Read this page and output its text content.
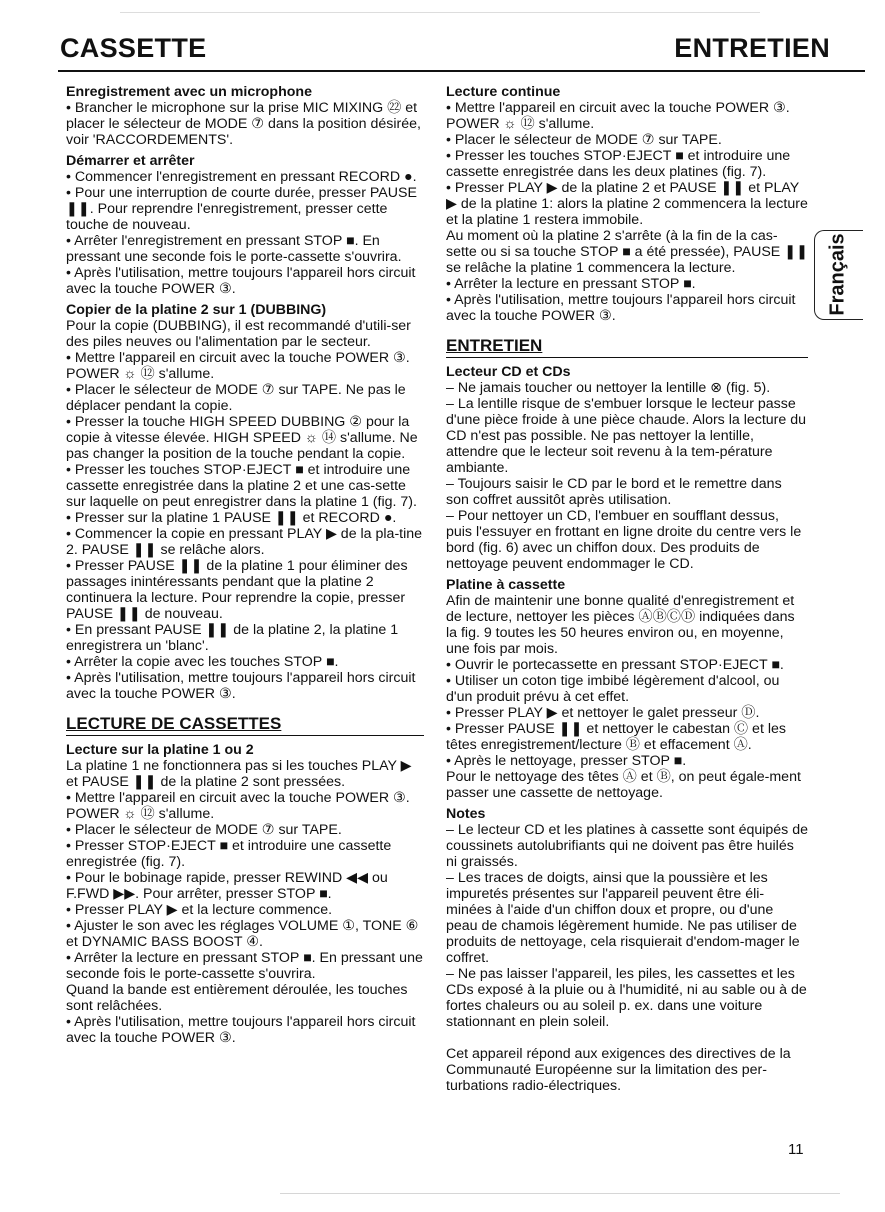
CASSETTE	ENTRETIEN
Enregistrement avec un microphone

• Brancher le microphone sur la prise MIC MIXING ㉒ et placer le sélecteur de MODE ⑦ dans la position désirée, voir 'RACCORDEMENTS'.

Démarrer et arrêter

• Commencer l'enregistrement en pressant RECORD ●.

• Pour une interruption de courte durée, presser PAUSE ❚❚. Pour reprendre l'enregistrement, presser cette touche de nouveau.

• Arrêter l'enregistrement en pressant STOP ■. En pressant une seconde fois le porte-cassette s'ouvrira.

• Après l'utilisation, mettre toujours l'appareil hors circuit avec la touche POWER ③.

Copier de la platine 2 sur 1 (DUBBING)

Pour la copie (DUBBING), il est recommandé d'utili-ser des piles neuves ou l'alimentation par le secteur.

• Mettre l'appareil en circuit avec la touche POWER ③. POWER ☼ ⑫ s'allume.

• Placer le sélecteur de MODE ⑦ sur TAPE. Ne pas le déplacer pendant la copie.

• Presser la touche HIGH SPEED DUBBING ② pour la copie à vitesse élevée. HIGH SPEED ☼ ⑭ s'allume. Ne pas changer la position de la touche pendant la copie.

• Presser les touches STOP·EJECT ■ et introduire une cassette enregistrée dans la platine 2 et une cas-sette sur laquelle on peut enregistrer dans la platine 1 (fig. 7).

• Presser sur la platine 1 PAUSE ❚❚ et RECORD ●.

• Commencer la copie en pressant PLAY ▶ de la pla-tine 2. PAUSE ❚❚ se relâche alors.

• Presser PAUSE ❚❚ de la platine 1 pour éliminer des passages inintéressants pendant que la platine 2 continuera la lecture. Pour reprendre la copie, presser PAUSE ❚❚ de nouveau.

• En pressant PAUSE ❚❚ de la platine 2, la platine 1 enregistrera un 'blanc'.

• Arrêter la copie avec les touches STOP ■.

• Après l'utilisation, mettre toujours l'appareil hors circuit avec la touche POWER ③.

LECTURE DE CASSETTES
Lecture sur la platine 1 ou 2

La platine 1 ne fonctionnera pas si les touches PLAY ▶ et PAUSE ❚❚ de la platine 2 sont pressées.

• Mettre l'appareil en circuit avec la touche POWER ③. POWER ☼ ⑫ s'allume.

• Placer le sélecteur de MODE ⑦ sur TAPE.

• Presser STOP·EJECT ■ et introduire une cassette enregistrée (fig. 7).

• Pour le bobinage rapide, presser REWIND ◀◀ ou F.FWD ▶▶. Pour arrêter, presser STOP ■.

• Presser PLAY ▶ et la lecture commence.

• Ajuster le son avec les réglages VOLUME ①, TONE ⑥ et DYNAMIC BASS BOOST ④.

• Arrêter la lecture en pressant STOP ■. En pressant une seconde fois le porte-cassette s'ouvrira.

Quand la bande est entièrement déroulée, les touches sont relâchées.

• Après l'utilisation, mettre toujours l'appareil hors circuit avec la touche POWER ③.

Lecture continue

• Mettre l'appareil en circuit avec la touche POWER ③. POWER ☼ ⑫ s'allume.

• Placer le sélecteur de MODE ⑦ sur TAPE.

• Presser les touches STOP·EJECT ■ et introduire une cassette enregistrée dans les deux platines (fig. 7).

• Presser PLAY ▶ de la platine 2 et PAUSE ❚❚ et PLAY ▶ de la platine 1: alors la platine 2 commencera la lecture et la platine 1 restera immobile.

Au moment où la platine 2 s'arrête (à la fin de la cas-sette ou si sa touche STOP ■ a été pressée), PAUSE ❚❚ se relâche la platine 1 commencera la lecture.

• Arrêter la lecture en pressant STOP ■.

• Après l'utilisation, mettre toujours l'appareil hors circuit avec la touche POWER ③.

ENTRETIEN
Lecteur CD et CDs

– Ne jamais toucher ou nettoyer la lentille ⊗ (fig. 5).

– La lentille risque de s'embuer lorsque le lecteur passe d'une pièce froide à une pièce chaude. Alors la lecture du CD n'est pas possible. Ne pas nettoyer la lentille, attendre que le lecteur soit revenu à la tem-pérature ambiante.

– Toujours saisir le CD par le bord et le remettre dans son coffret aussitôt après utilisation.

– Pour nettoyer un CD, l'embuer en soufflant dessus, puis l'essuyer en frottant en ligne droite du centre vers le bord (fig. 6) avec un chiffon doux. Des produits de nettoyage peuvent endommager le CD.

Platine à cassette

Afin de maintenir une bonne qualité d'enregistrement et de lecture, nettoyer les pièces ⒶⒷⒸⒹ indiquées dans la fig. 9 toutes les 50 heures environ ou, en moyenne, une fois par mois.

• Ouvrir le portecassette en pressant STOP·EJECT ■.

• Utiliser un coton tige imbibé légèrement d'alcool, ou d'un produit prévu à cet effet.

• Presser PLAY ▶ et nettoyer le galet presseur Ⓓ.

• Presser PAUSE ❚❚ et nettoyer le cabestan Ⓒ et les têtes enregistrement/lecture Ⓑ et effacement Ⓐ.

• Après le nettoyage, presser STOP ■.

Pour le nettoyage des têtes Ⓐ et Ⓑ, on peut égale-ment passer une cassette de nettoyage.

Notes

– Le lecteur CD et les platines à cassette sont équipés de coussinets autolubrifiants qui ne doivent pas être huilés ni graissés.

– Les traces de doigts, ainsi que la poussière et les impuretés présentes sur l'appareil peuvent être éli-minées à l'aide d'un chiffon doux et propre, ou d'une peau de chamois légèrement humide. Ne pas utiliser de produits de nettoyage, cela risquierait d'endom-mager le coffret.

– Ne pas laisser l'appareil, les piles, les cassettes et les CDs exposé à la pluie ou à l'humidité, ni au sable ou à de fortes chaleurs ou au soleil p. ex. dans une voiture stationnant en plein soleil.

Cet appareil répond aux exigences des directives de la Communauté Européenne sur la limitation des per-turbations radio-électriques.

Français
11
